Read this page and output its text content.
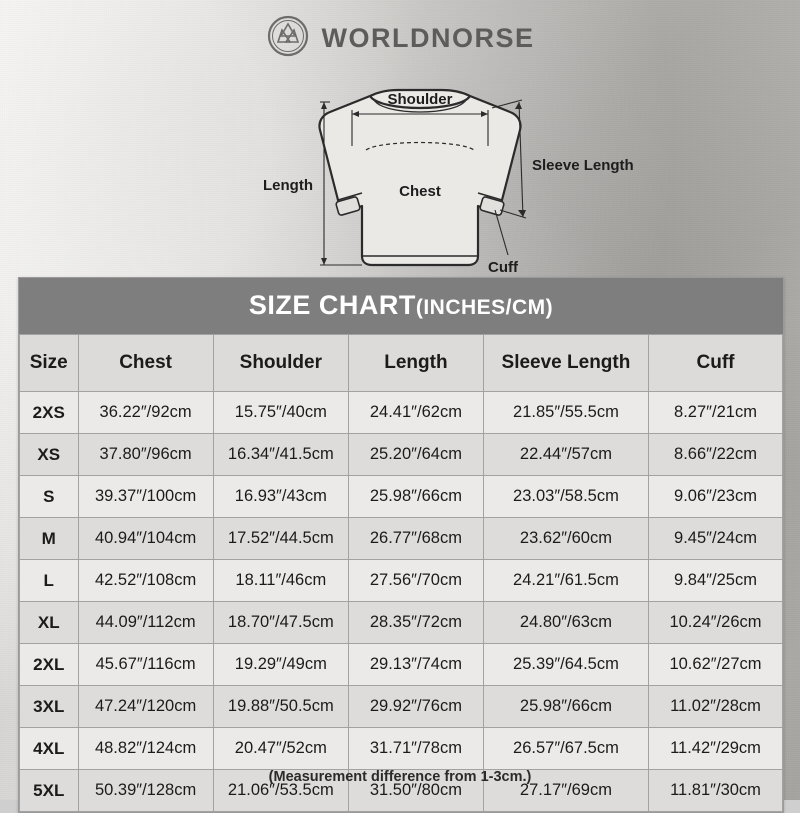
WORLDNORSE
Shoulder
Length
Sleeve Length
Chest
Cuff
SIZE CHART(INCHES/CM)
Size	Chest	Shoulder	Length	Sleeve Length	Cuff
2XS	36.22″/92cm	15.75″/40cm	24.41″/62cm	21.85″/55.5cm	8.27″/21cm
XS	37.80″/96cm	16.34″/41.5cm	25.20″/64cm	22.44″/57cm	8.66″/22cm
S	39.37″/100cm	16.93″/43cm	25.98″/66cm	23.03″/58.5cm	9.06″/23cm
M	40.94″/104cm	17.52″/44.5cm	26.77″/68cm	23.62″/60cm	9.45″/24cm
L	42.52″/108cm	18.11″/46cm	27.56″/70cm	24.21″/61.5cm	9.84″/25cm
XL	44.09″/112cm	18.70″/47.5cm	28.35″/72cm	24.80″/63cm	10.24″/26cm
2XL	45.67″/116cm	19.29″/49cm	29.13″/74cm	25.39″/64.5cm	10.62″/27cm
3XL	47.24″/120cm	19.88″/50.5cm	29.92″/76cm	25.98″/66cm	11.02″/28cm
4XL	48.82″/124cm	20.47″/52cm	31.71″/78cm	26.57″/67.5cm	11.42″/29cm
5XL	50.39″/128cm	21.06″/53.5cm	31.50″/80cm	27.17″/69cm	11.81″/30cm
(Measurement difference from 1-3cm.)
